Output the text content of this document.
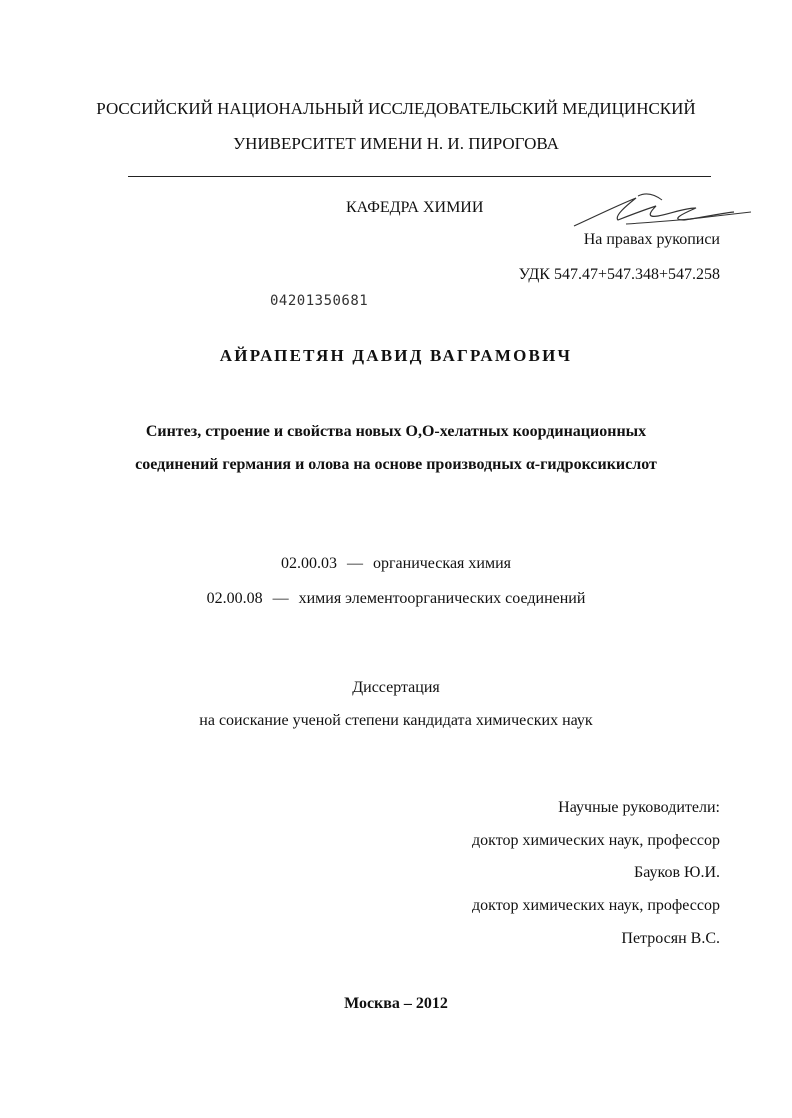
РОССИЙСКИЙ НАЦИОНАЛЬНЫЙ ИССЛЕДОВАТЕЛЬСКИЙ МЕДИЦИНСКИЙ
УНИВЕРСИТЕТ ИМЕНИ Н. И. ПИРОГОВА
КАФЕДРА ХИМИИ
На правах рукописи
УДК 547.47+547.348+547.258
04201350681
АЙРАПЕТЯН ДАВИД ВАГРАМОВИЧ
Синтез, строение и свойства новых О,О-хелатных координационных
соединений германия и олова на основе производных α-гидроксикислот
02.00.03 — органическая химия
02.00.08 — химия элементоорганических соединений
Диссертация
на соискание ученой степени кандидата химических наук
Научные руководители:
доктор химических наук, профессор
Бауков Ю.И.
доктор химических наук, профессор
Петросян В.С.
Москва – 2012
